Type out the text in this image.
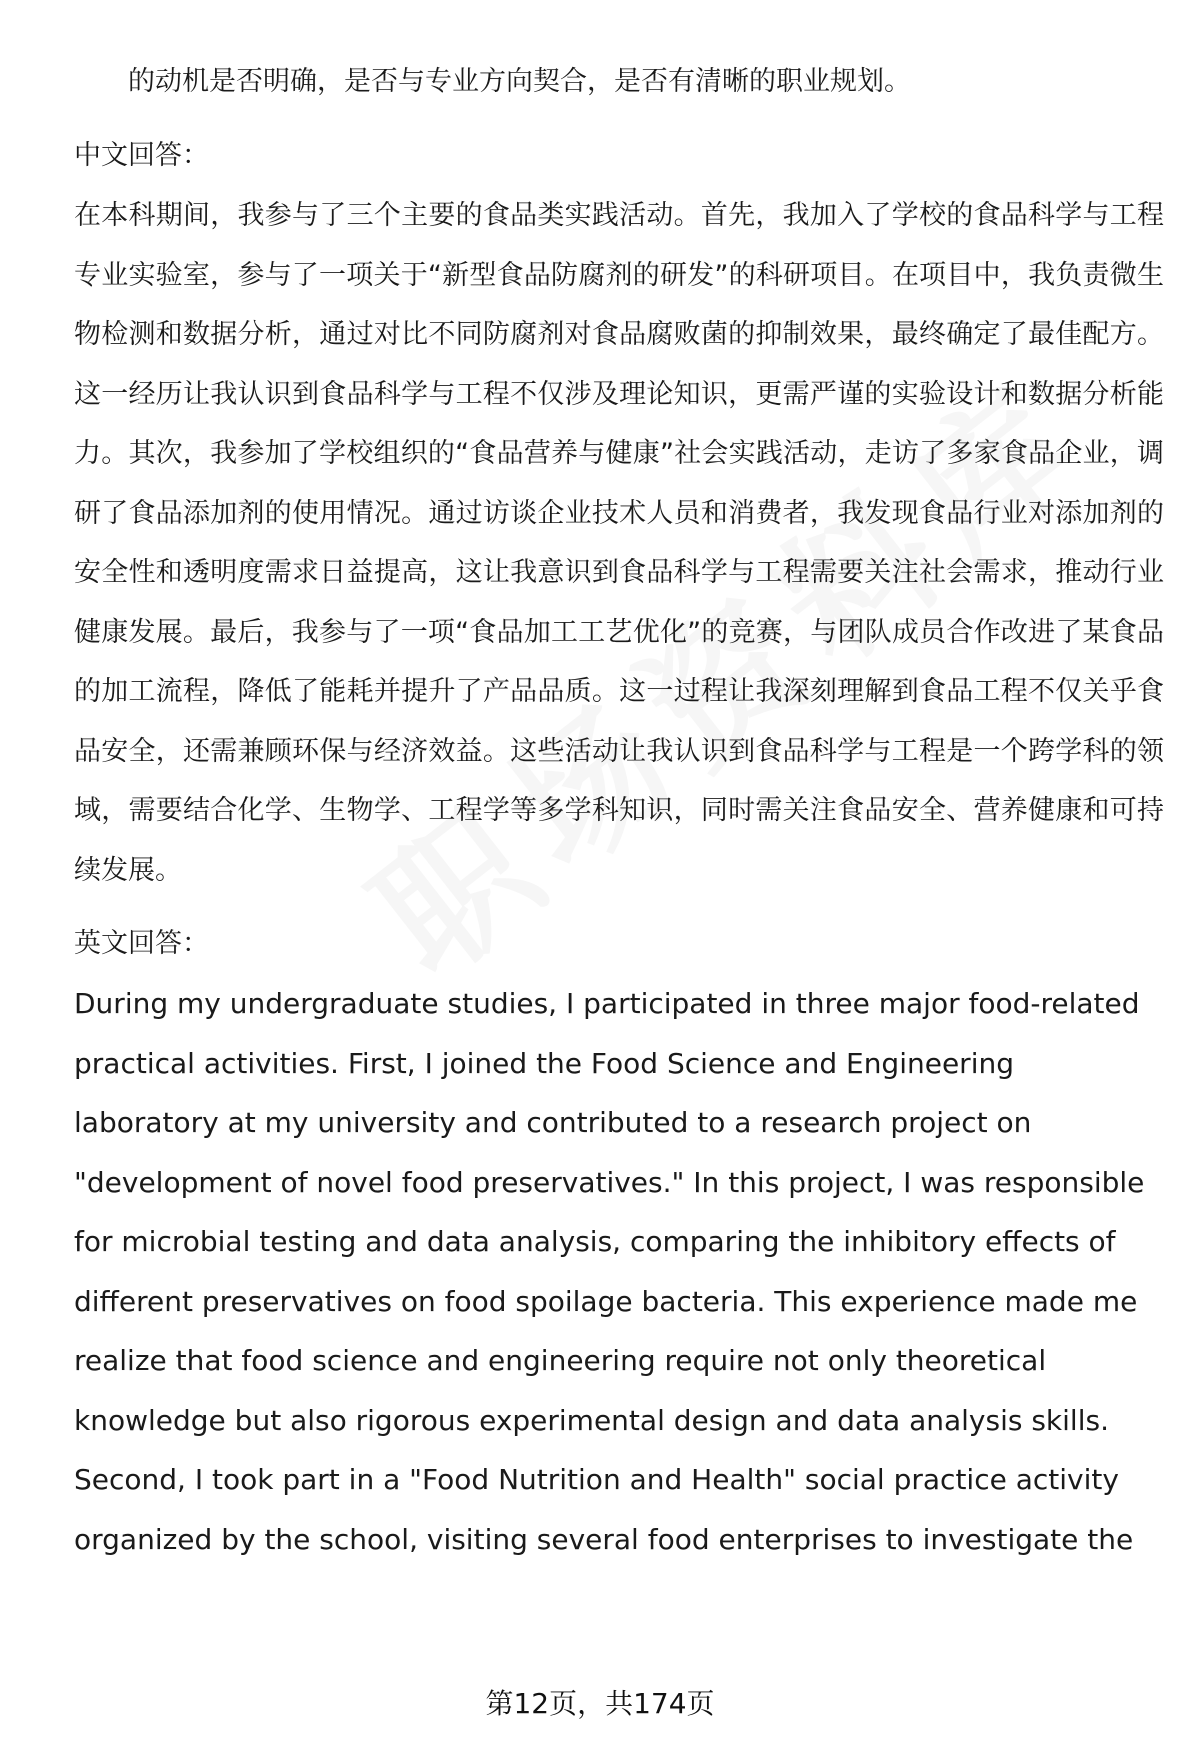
的动机是否明确，是否与专业方向契合，是否有清晰的职业规划。

中文回答：

在本科期间，我参与了三个主要的食品类实践活动。首先，我加入了学校的食品科学与工程专业实验室，参与了一项关于“新型食品防腐剂的研发”的科研项目。在项目中，我负责微生物检测和数据分析，通过对比不同防腐剂对食品腐败菌的抑制效果，最终确定了最佳配方。这一经历让我认识到食品科学与工程不仅涉及理论知识，更需严谨的实验设计和数据分析能力。其次，我参加了学校组织的“食品营养与健康”社会实践活动，走访了多家食品企业，调研了食品添加剂的使用情况。通过访谈企业技术人员和消费者，我发现食品行业对添加剂的安全性和透明度需求日益提高，这让我意识到食品科学与工程需要关注社会需求，推动行业健康发展。最后，我参与了一项“食品加工工艺优化”的竞赛，与团队成员合作改进了某食品的加工流程，降低了能耗并提升了产品品质。这一过程让我深刻理解到食品工程不仅关乎食品安全，还需兼顾环保与经济效益。这些活动让我认识到食品科学与工程是一个跨学科的领域，需要结合化学、生物学、工程学等多学科知识，同时需关注食品安全、营养健康和可持续发展。

英文回答：

During my undergraduate studies, I participated in three major food-related practical activities. First, I joined the Food Science and Engineering laboratory at my university and contributed to a research project on "development of novel food preservatives." In this project, I was responsible for microbial testing and data analysis, comparing the inhibitory effects of different preservatives on food spoilage bacteria. This experience made me realize that food science and engineering require not only theoretical knowledge but also rigorous experimental design and data analysis skills. Second, I took part in a "Food Nutrition and Health" social practice activity organized by the school, visiting several food enterprises to investigate the

第12页，共174页
